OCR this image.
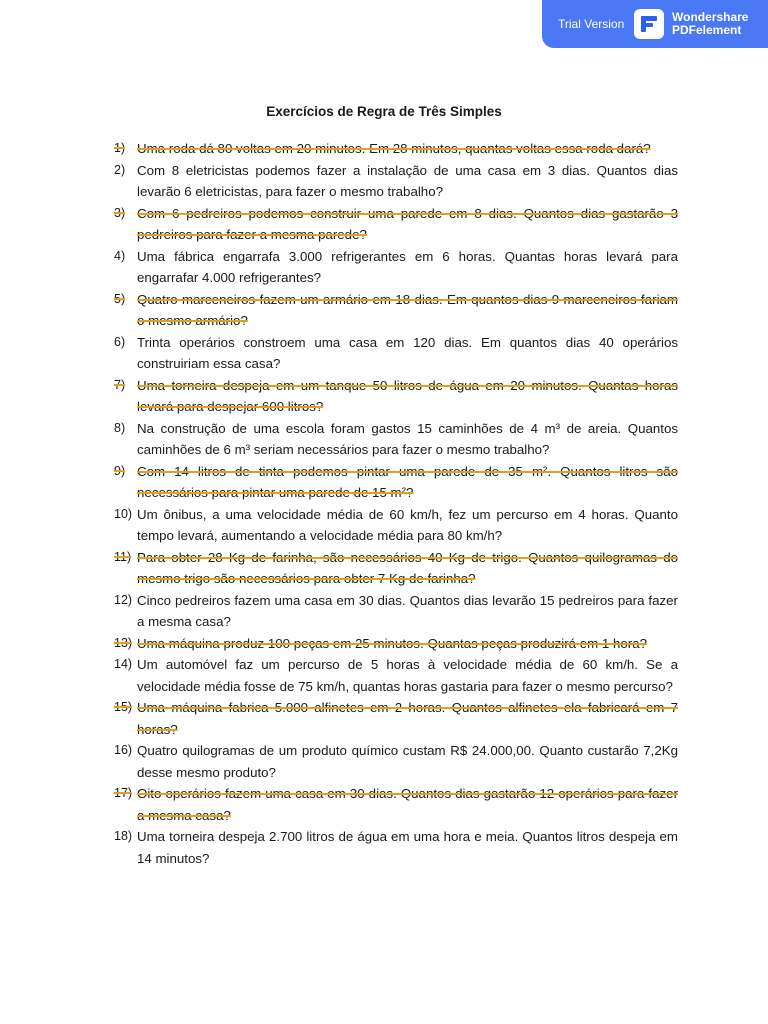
Trial Version	Wondershare
PDFelement
Exercícios de Regra de Três Simples
1) Uma roda dá 80 voltas em 20 minutos. Em 28 minutos, quantas voltas essa roda dará?
2) Com 8 eletricistas podemos fazer a instalação de uma casa em 3 dias. Quantos dias levarão 6 eletricistas, para fazer o mesmo trabalho?
3) Com 6 pedreiros podemos construir uma parede em 8 dias. Quantos dias gastarão 3 pedreiros para fazer a mesma parede?
4) Uma fábrica engarrafa 3.000 refrigerantes em 6 horas. Quantas horas levará para engarrafar 4.000 refrigerantes?
5) Quatro marceneiros fazem um armário em 18 dias. Em quantos dias 9 marceneiros fariam o mesmo armário?
6) Trinta operários constroem uma casa em 120 dias. Em quantos dias 40 operários construiriam essa casa?
7) Uma torneira despeja em um tanque 50 litros de água em 20 minutos. Quantas horas levará para despejar 600 litros?
8) Na construção de uma escola foram gastos 15 caminhões de 4 m³ de areia. Quantos caminhões de 6 m³ seriam necessários para fazer o mesmo trabalho?
9) Com 14 litros de tinta podemos pintar uma parede de 35 m². Quantos litros são necessários para pintar uma parede de 15 m²?
10) Um ônibus, a uma velocidade média de 60 km/h, fez um percurso em 4 horas. Quanto tempo levará, aumentando a velocidade média para 80 km/h?
11) Para obter 28 Kg de farinha, são necessários 40 Kg de trigo. Quantos quilogramas do mesmo trigo são necessários para obter 7 Kg de farinha?
12) Cinco pedreiros fazem uma casa em 30 dias. Quantos dias levarão 15 pedreiros para fazer a mesma casa?
13) Uma máquina produz 100 peças em 25 minutos. Quantas peças produzirá em 1 hora?
14) Um automóvel faz um percurso de 5 horas à velocidade média de 60 km/h. Se a velocidade média fosse de 75 km/h, quantas horas gastaria para fazer o mesmo percurso?
15) Uma máquina fabrica 5.000 alfinetes em 2 horas. Quantos alfinetes ela fabricará em 7 horas?
16) Quatro quilogramas de um produto químico custam R$ 24.000,00. Quanto custarão 7,2Kg desse mesmo produto?
17) Oito operários fazem uma casa em 30 dias. Quantos dias gastarão 12 operários para fazer a mesma casa?
18) Uma torneira despeja 2.700 litros de água em uma hora e meia. Quantos litros despeja em 14 minutos?
